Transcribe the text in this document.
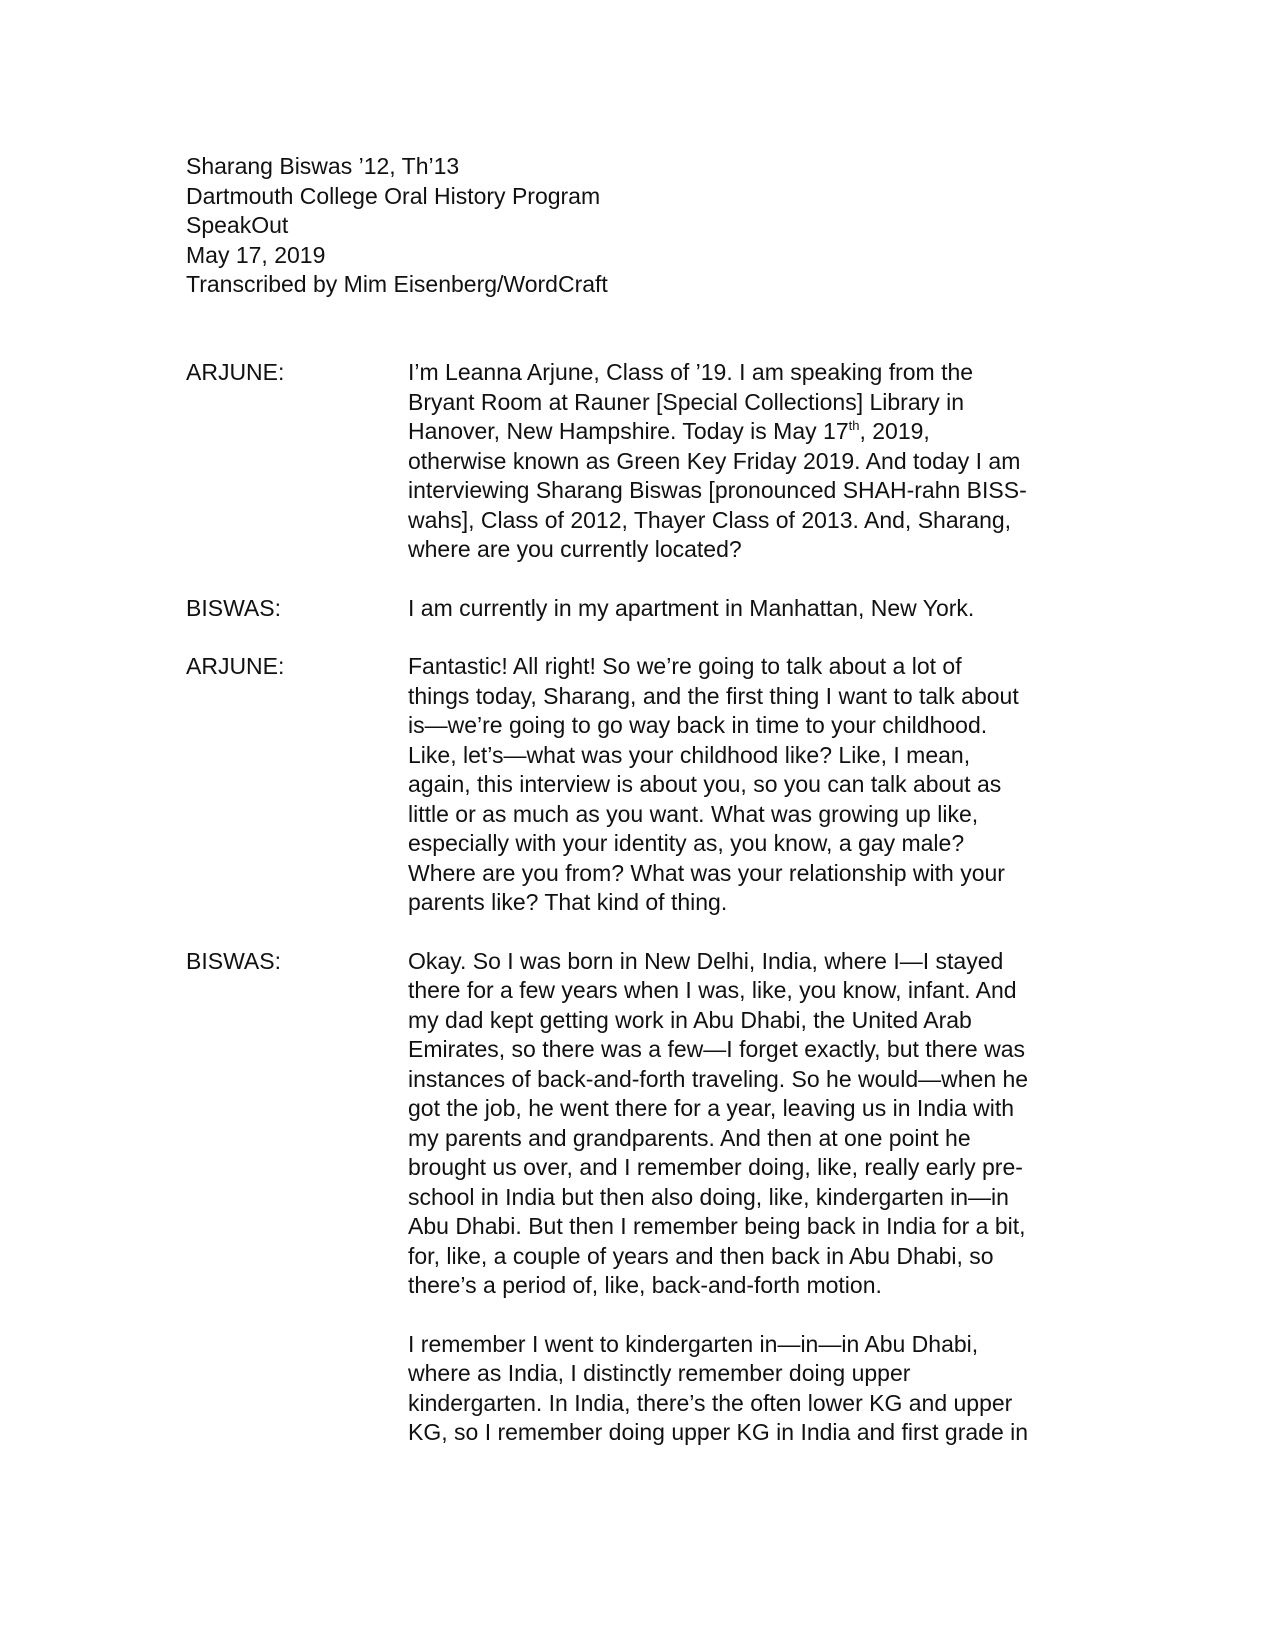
Sharang Biswas ’12, Th’13
Dartmouth College Oral History Program
SpeakOut
May 17, 2019
Transcribed by Mim Eisenberg/WordCraft
ARJUNE:	I’m Leanna Arjune, Class of ’19. I am speaking from the
Bryant Room at Rauner [Special Collections] Library in
Hanover, New Hampshire. Today is May 17th, 2019,
otherwise known as Green Key Friday 2019. And today I am
interviewing Sharang Biswas [pronounced SHAH-rahn BISS-
wahs], Class of 2012, Thayer Class of 2013. And, Sharang,
where are you currently located?
BISWAS:	I am currently in my apartment in Manhattan, New York.
ARJUNE:	Fantastic! All right! So we’re going to talk about a lot of
things today, Sharang, and the first thing I want to talk about
is—we’re going to go way back in time to your childhood.
Like, let’s—what was your childhood like? Like, I mean,
again, this interview is about you, so you can talk about as
little or as much as you want. What was growing up like,
especially with your identity as, you know, a gay male?
Where are you from? What was your relationship with your
parents like? That kind of thing.
BISWAS:	Okay. So I was born in New Delhi, India, where I—I stayed
there for a few years when I was, like, you know, infant. And
my dad kept getting work in Abu Dhabi, the United Arab
Emirates, so there was a few—I forget exactly, but there was
instances of back-and-forth traveling. So he would—when he
got the job, he went there for a year, leaving us in India with
my parents and grandparents. And then at one point he
brought us over, and I remember doing, like, really early pre-
school in India but then also doing, like, kindergarten in—in
Abu Dhabi. But then I remember being back in India for a bit,
for, like, a couple of years and then back in Abu Dhabi, so
there’s a period of, like, back-and-forth motion.
I remember I went to kindergarten in—in—in Abu Dhabi,
where as India, I distinctly remember doing upper
kindergarten. In India, there’s the often lower KG and upper
KG, so I remember doing upper KG in India and first grade in
